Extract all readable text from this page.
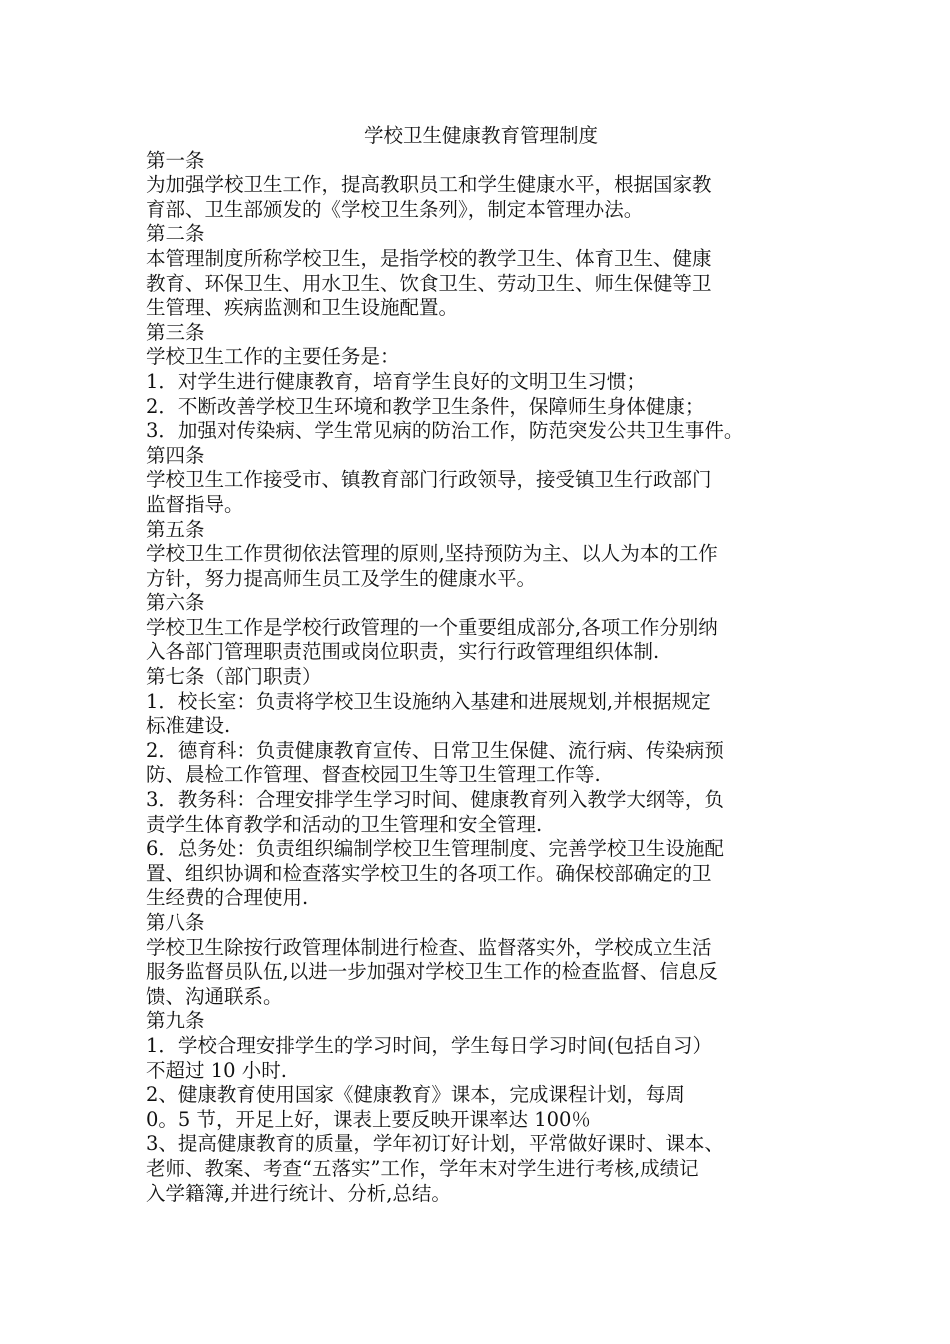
学校卫生健康教育管理制度

第一条

为加强学校卫生工作，提高教职员工和学生健康水平，根据国家教

育部、卫生部颁发的《学校卫生条列》，制定本管理办法。

第二条

本管理制度所称学校卫生，是指学校的教学卫生、体育卫生、健康

教育、环保卫生、用水卫生、饮食卫生、劳动卫生、师生保健等卫

生管理、疾病监测和卫生设施配置。

第三条

学校卫生工作的主要任务是：

1．对学生进行健康教育，培育学生良好的文明卫生习惯；

2．不断改善学校卫生环境和教学卫生条件，保障师生身体健康；

3．加强对传染病、学生常见病的防治工作，防范突发公共卫生事件。

第四条

学校卫生工作接受市、镇教育部门行政领导，接受镇卫生行政部门

监督指导。

第五条

学校卫生工作贯彻依法管理的原则,坚持预防为主、以人为本的工作

方针，努力提高师生员工及学生的健康水平。

第六条

学校卫生工作是学校行政管理的一个重要组成部分,各项工作分别纳

入各部门管理职责范围或岗位职责，实行行政管理组织体制.

第七条（部门职责）

1．校长室：负责将学校卫生设施纳入基建和进展规划,并根据规定

标准建设.

2．德育科：负责健康教育宣传、日常卫生保健、流行病、传染病预

防、晨检工作管理、督查校园卫生等卫生管理工作等.

3．教务科：合理安排学生学习时间、健康教育列入教学大纲等，负

责学生体育教学和活动的卫生管理和安全管理.

6．总务处：负责组织编制学校卫生管理制度、完善学校卫生设施配

置、组织协调和检查落实学校卫生的各项工作。确保校部确定的卫

生经费的合理使用.

第八条

学校卫生除按行政管理体制进行检查、监督落实外，学校成立生活

服务监督员队伍,以进一步加强对学校卫生工作的检查监督、信息反

馈、沟通联系。

第九条

1．学校合理安排学生的学习时间，学生每日学习时间(包括自习）

不超过 10 小时.

2、健康教育使用国家《健康教育》课本，完成课程计划，每周

0。5 节，开足上好，课表上要反映开课率达 100％

3、提高健康教育的质量，学年初订好计划，平常做好课时、课本、

老师、教案、考查“五落实”工作，学年末对学生进行考核,成绩记

入学籍簿,并进行统计、分析,总结。
